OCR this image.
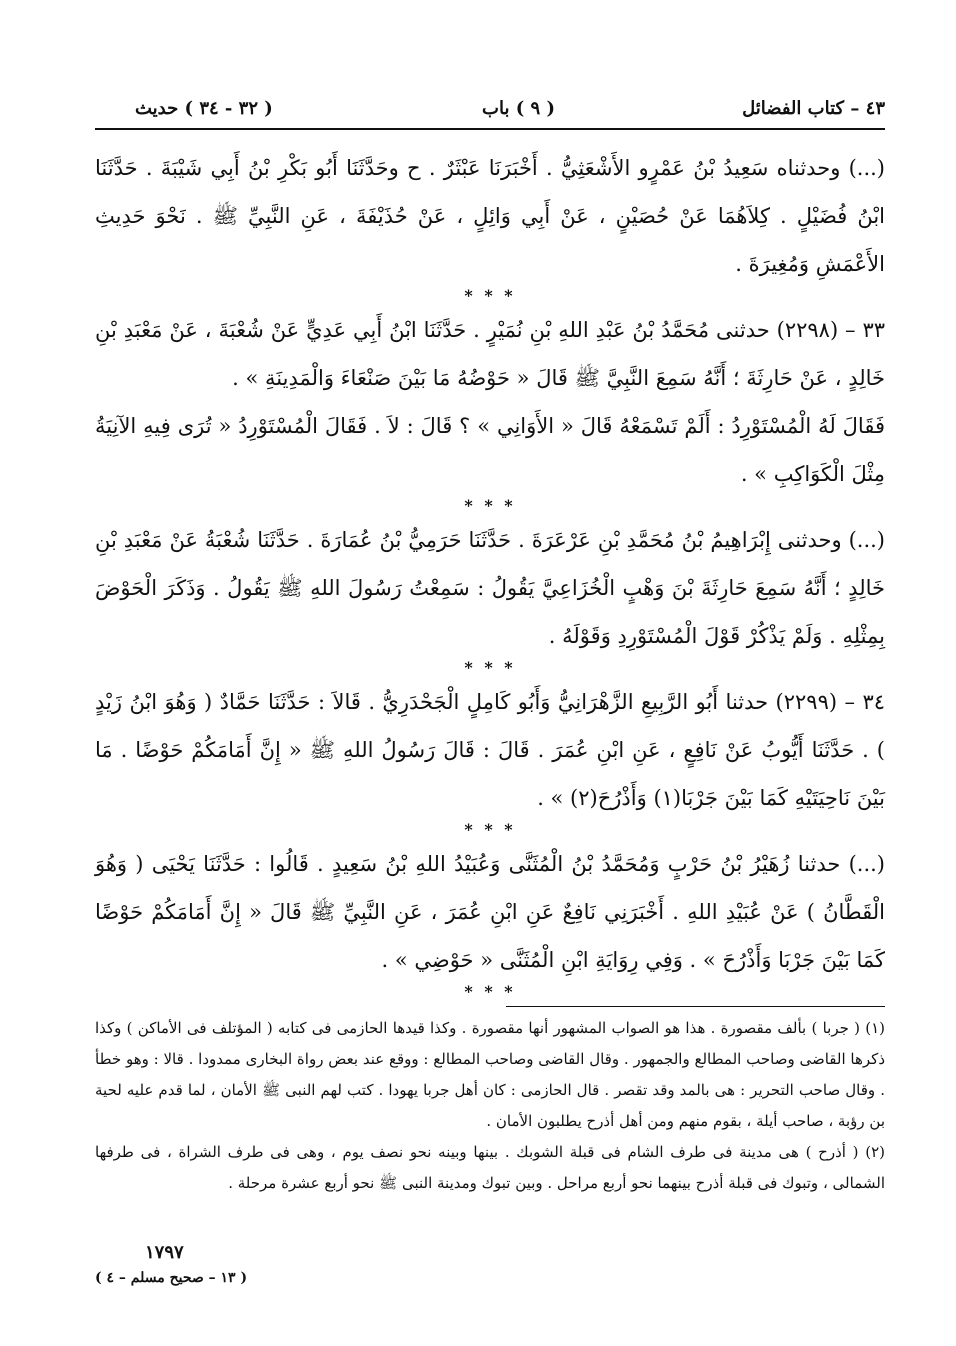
٤٣ – كتاب الفضائل
( ٩ ) باب
( ٣٢ - ٣٤ ) حديث

(...) وحدثناه سَعِيدُ بْنُ عَمْرٍو الأَشْعَثِيُّ . أَخْبَرَنَا عَبْثَرٌ . ح وحَدَّثَنَا أَبُو بَكْرِ بْنُ أَبِي شَيْبَةَ . حَدَّثَنَا ابْنُ فُضَيْلٍ . كِلاَهُمَا عَنْ حُصَيْنٍ ، عَنْ أَبِي وَائِلٍ ، عَنْ حُذَيْفَةَ ، عَنِ النَّبِيِّ ﷺ . نَحْوَ حَدِيثِ الأَعْمَشِ وَمُغِيرَةَ .

* * *

٣٣ – (٢٢٩٨) حدثنى مُحَمَّدُ بْنُ عَبْدِ اللهِ بْنِ نُمَيْرٍ . حَدَّثَنَا ابْنُ أَبِي عَدِيٍّ عَنْ شُعْبَةَ ، عَنْ مَعْبَدِ بْنِ خَالِدٍ ، عَنْ حَارِثَةَ ؛ أَنَّهُ سَمِعَ النَّبِيَّ ﷺ قَالَ « حَوْضُهُ مَا بَيْنَ صَنْعَاءَ وَالْمَدِينَةِ » .

فَقَالَ لَهُ الْمُسْتَوْرِدُ : أَلَمْ تَسْمَعْهُ قَالَ « الأَوَانِي » ؟ قَالَ : لاَ . فَقَالَ الْمُسْتَوْرِدُ « تُرَى فِيهِ الآنِيَةُ مِثْلَ الْكَوَاكِبِ » .

* * *

(...) وحدثنى إِبْرَاهِيمُ بْنُ مُحَمَّدِ بْنِ عَرْعَرَةَ . حَدَّثَنَا حَرَمِيُّ بْنُ عُمَارَةَ . حَدَّثَنَا شُعْبَةُ عَنْ مَعْبَدِ بْنِ خَالِدٍ ؛ أَنَّهُ سَمِعَ حَارِثَةَ بْنَ وَهْبٍ الْخُزَاعِيَّ يَقُولُ : سَمِعْتُ رَسُولَ اللهِ ﷺ يَقُولُ . وَذَكَرَ الْحَوْضَ بِمِثْلِهِ . وَلَمْ يَذْكُرْ قَوْلَ الْمُسْتَوْرِدِ وَقَوْلَهُ .

* * *

٣٤ – (٢٢٩٩) حدثنا أَبُو الرَّبِيعِ الزَّهْرَانِيُّ وَأَبُو كَامِلٍ الْجَحْدَرِيُّ . قَالاَ : حَدَّثَنَا حَمَّادٌ ( وَهُوَ ابْنُ زَيْدٍ ) . حَدَّثَنَا أَيُّوبُ عَنْ نَافِعٍ ، عَنِ ابْنِ عُمَرَ . قَالَ : قَالَ رَسُولُ اللهِ ﷺ « إِنَّ أَمَامَكُمْ حَوْضًا . مَا بَيْنَ نَاحِيَتَيْهِ كَمَا بَيْنَ جَرْبَا(١) وَأَذْرُحَ(٢) » .

* * *

(...) حدثنا زُهَيْرُ بْنُ حَرْبٍ وَمُحَمَّدُ بْنُ الْمُثَنَّى وَعُبَيْدُ اللهِ بْنُ سَعِيدٍ . قَالُوا : حَدَّثَنَا يَحْيَى ( وَهُوَ الْقَطَّانُ ) عَنْ عُبَيْدِ اللهِ . أَخْبَرَنِي نَافِعٌ عَنِ ابْنِ عُمَرَ ، عَنِ النَّبِيِّ ﷺ قَالَ « إِنَّ أَمَامَكُمْ حَوْضًا كَمَا بَيْنَ جَرْبَا وَأَذْرُحَ » . وَفِي رِوَايَةِ ابْنِ الْمُثَنَّى « حَوْضِي » .

* * *

(١) ( جربا ) بألف مقصورة . هذا هو الصواب المشهور أنها مقصورة . وكذا قيدها الحازمى فى كتابه ( المؤتلف فى الأماكن ) وكذا ذكرها القاضى وصاحب المطالع والجمهور . وقال القاضى وصاحب المطالع : ووقع عند بعض رواة البخارى ممدودا . قالا : وهو خطأ . وقال صاحب التحرير : هى بالمد وقد تقصر . قال الحازمى : كان أهل جربا يهودا . كتب لهم النبى ﷺ الأمان ، لما قدم عليه لحية بن رؤبة ، صاحب أيلة ، بقوم منهم ومن أهل أذرح يطلبون الأمان .

(٢) ( أذرح ) هى مدينة فى طرف الشام فى قبلة الشوبك . بينها وبينه نحو نصف يوم ، وهى فى طرف الشراة ، فى طرفها الشمالى ، وتبوك فى قبلة أذرح بينهما نحو أربع مراحل . وبين تبوك ومدينة النبى ﷺ نحو أربع عشرة مرحلة .

١٧٩٧
( ١٣ – صحيح مسلم – ٤ )
